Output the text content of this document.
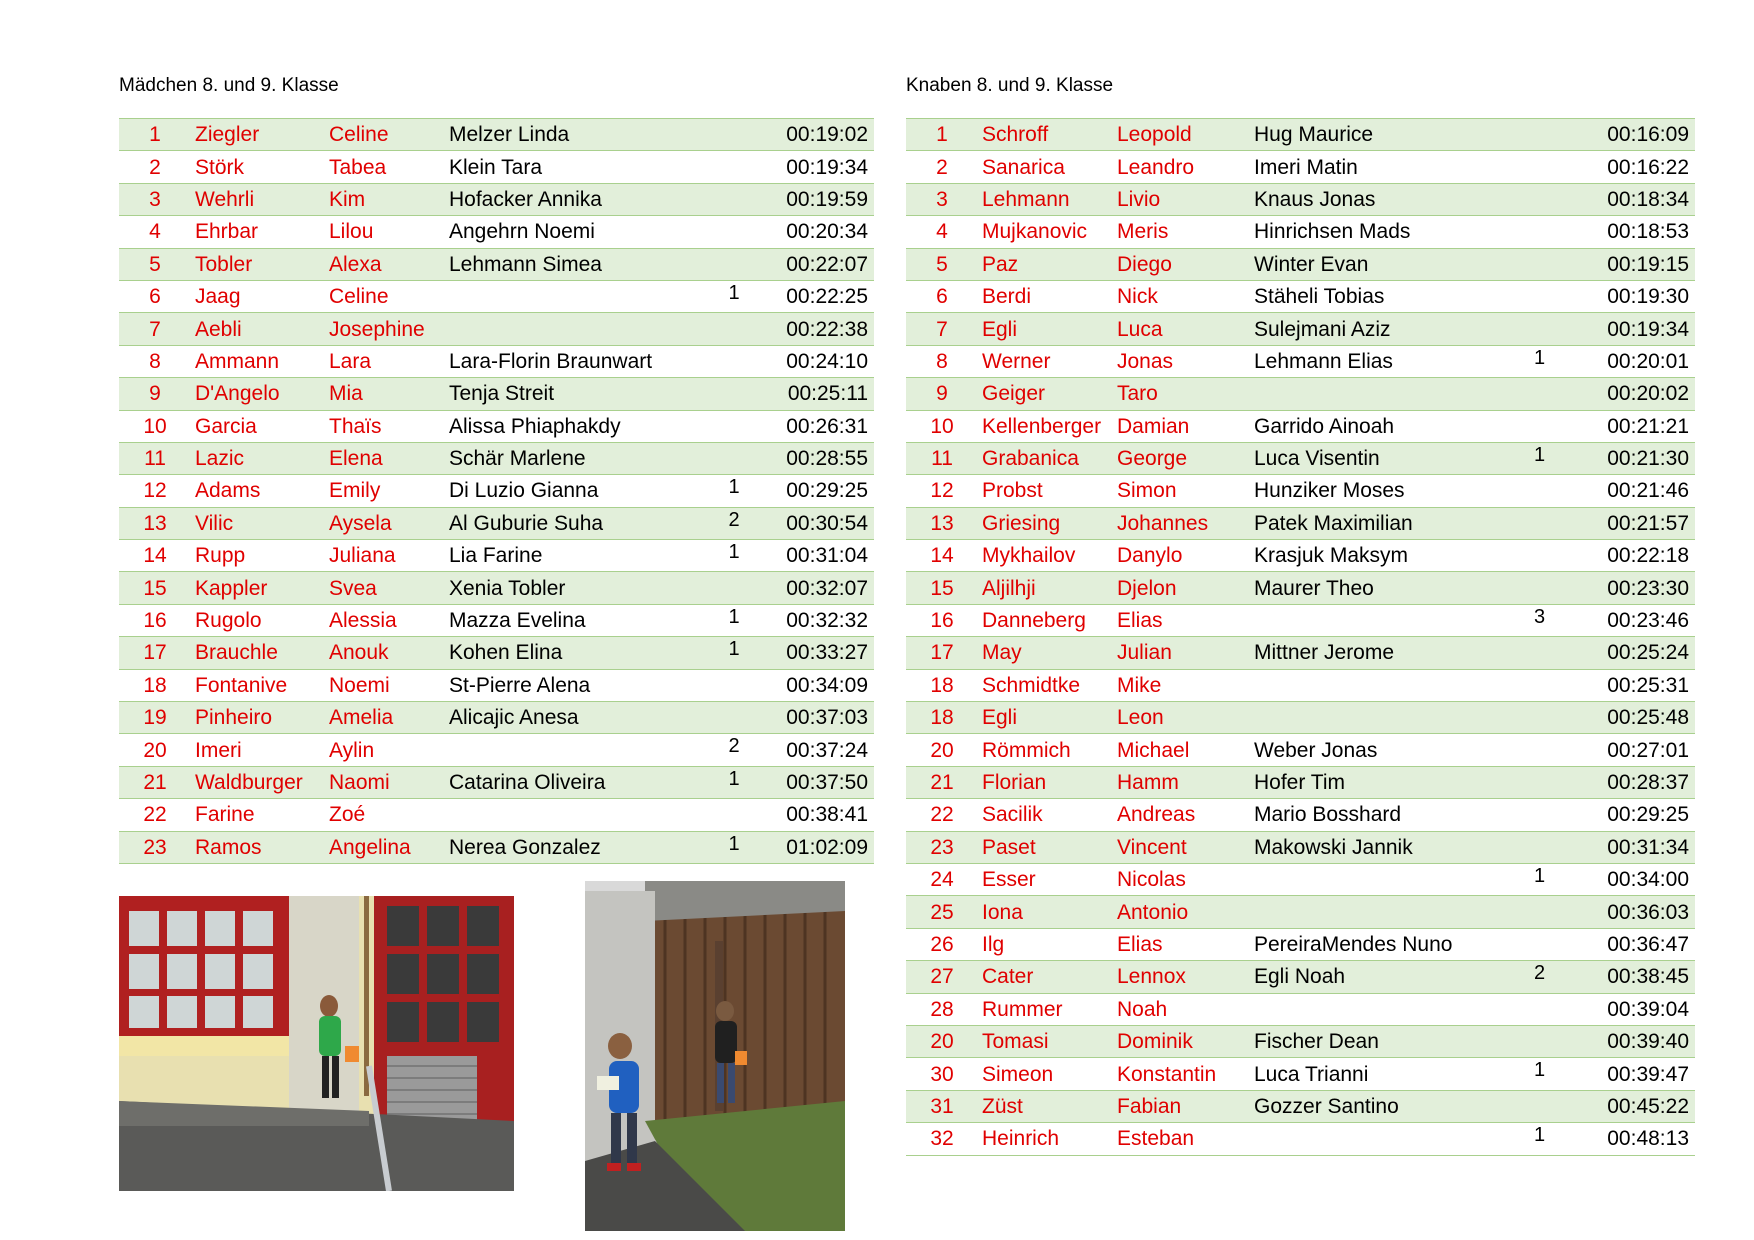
Mädchen 8. und 9. Klasse	Knaben 8. und 9. Klasse
1	Ziegler	Celine	Melzer Linda		00:19:02
2	Störk	Tabea	Klein Tara		00:19:34
3	Wehrli	Kim	Hofacker Annika		00:19:59
4	Ehrbar	Lilou	Angehrn Noemi		00:20:34
5	Tobler	Alexa	Lehmann Simea		00:22:07
6	Jaag	Celine		1	00:22:25
7	Aebli	Josephine			00:22:38
8	Ammann	Lara	Lara-Florin Braunwart		00:24:10
9	D'Angelo	Mia	Tenja Streit		00:25:11
10	Garcia	Thaïs	Alissa Phiaphakdy		00:26:31
11	Lazic	Elena	Schär Marlene		00:28:55
12	Adams	Emily	Di Luzio Gianna	1	00:29:25
13	Vilic	Aysela	Al Guburie Suha	2	00:30:54
14	Rupp	Juliana	Lia Farine	1	00:31:04
15	Kappler	Svea	Xenia Tobler		00:32:07
16	Rugolo	Alessia	Mazza Evelina	1	00:32:32
17	Brauchle	Anouk	Kohen Elina	1	00:33:27
18	Fontanive	Noemi	St-Pierre Alena		00:34:09
19	Pinheiro	Amelia	Alicajic Anesa		00:37:03
20	Imeri	Aylin		2	00:37:24
21	Waldburger	Naomi	Catarina Oliveira	1	00:37:50
22	Farine	Zoé			00:38:41
23	Ramos	Angelina	Nerea Gonzalez	1	01:02:09
1	Schroff	Leopold	Hug Maurice		00:16:09
2	Sanarica	Leandro	Imeri Matin		00:16:22
3	Lehmann	Livio	Knaus Jonas		00:18:34
4	Mujkanovic	Meris	Hinrichsen Mads		00:18:53
5	Paz	Diego	Winter Evan		00:19:15
6	Berdi	Nick	Stäheli Tobias		00:19:30
7	Egli	Luca	Sulejmani Aziz		00:19:34
8	Werner	Jonas	Lehmann Elias	1	00:20:01
9	Geiger	Taro			00:20:02
10	Kellenberger	Damian	Garrido Ainoah		00:21:21
11	Grabanica	George	Luca Visentin	1	00:21:30
12	Probst	Simon	Hunziker Moses		00:21:46
13	Griesing	Johannes	Patek Maximilian		00:21:57
14	Mykhailov	Danylo	Krasjuk Maksym		00:22:18
15	Aljilhji	Djelon	Maurer Theo		00:23:30
16	Danneberg	Elias		3	00:23:46
17	May	Julian	Mittner Jerome		00:25:24
18	Schmidtke	Mike			00:25:31
18	Egli	Leon			00:25:48
20	Römmich	Michael	Weber Jonas		00:27:01
21	Florian	Hamm	Hofer Tim		00:28:37
22	Sacilik	Andreas	Mario Bosshard		00:29:25
23	Paset	Vincent	Makowski Jannik		00:31:34
24	Esser	Nicolas		1	00:34:00
25	Iona	Antonio			00:36:03
26	Ilg	Elias	PereiraMendes Nuno		00:36:47
27	Cater	Lennox	Egli Noah	2	00:38:45
28	Rummer	Noah			00:39:04
20	Tomasi	Dominik	Fischer Dean		00:39:40
30	Simeon	Konstantin	Luca Trianni	1	00:39:47
31	Züst	Fabian	Gozzer Santino		00:45:22
32	Heinrich	Esteban		1	00:48:13
